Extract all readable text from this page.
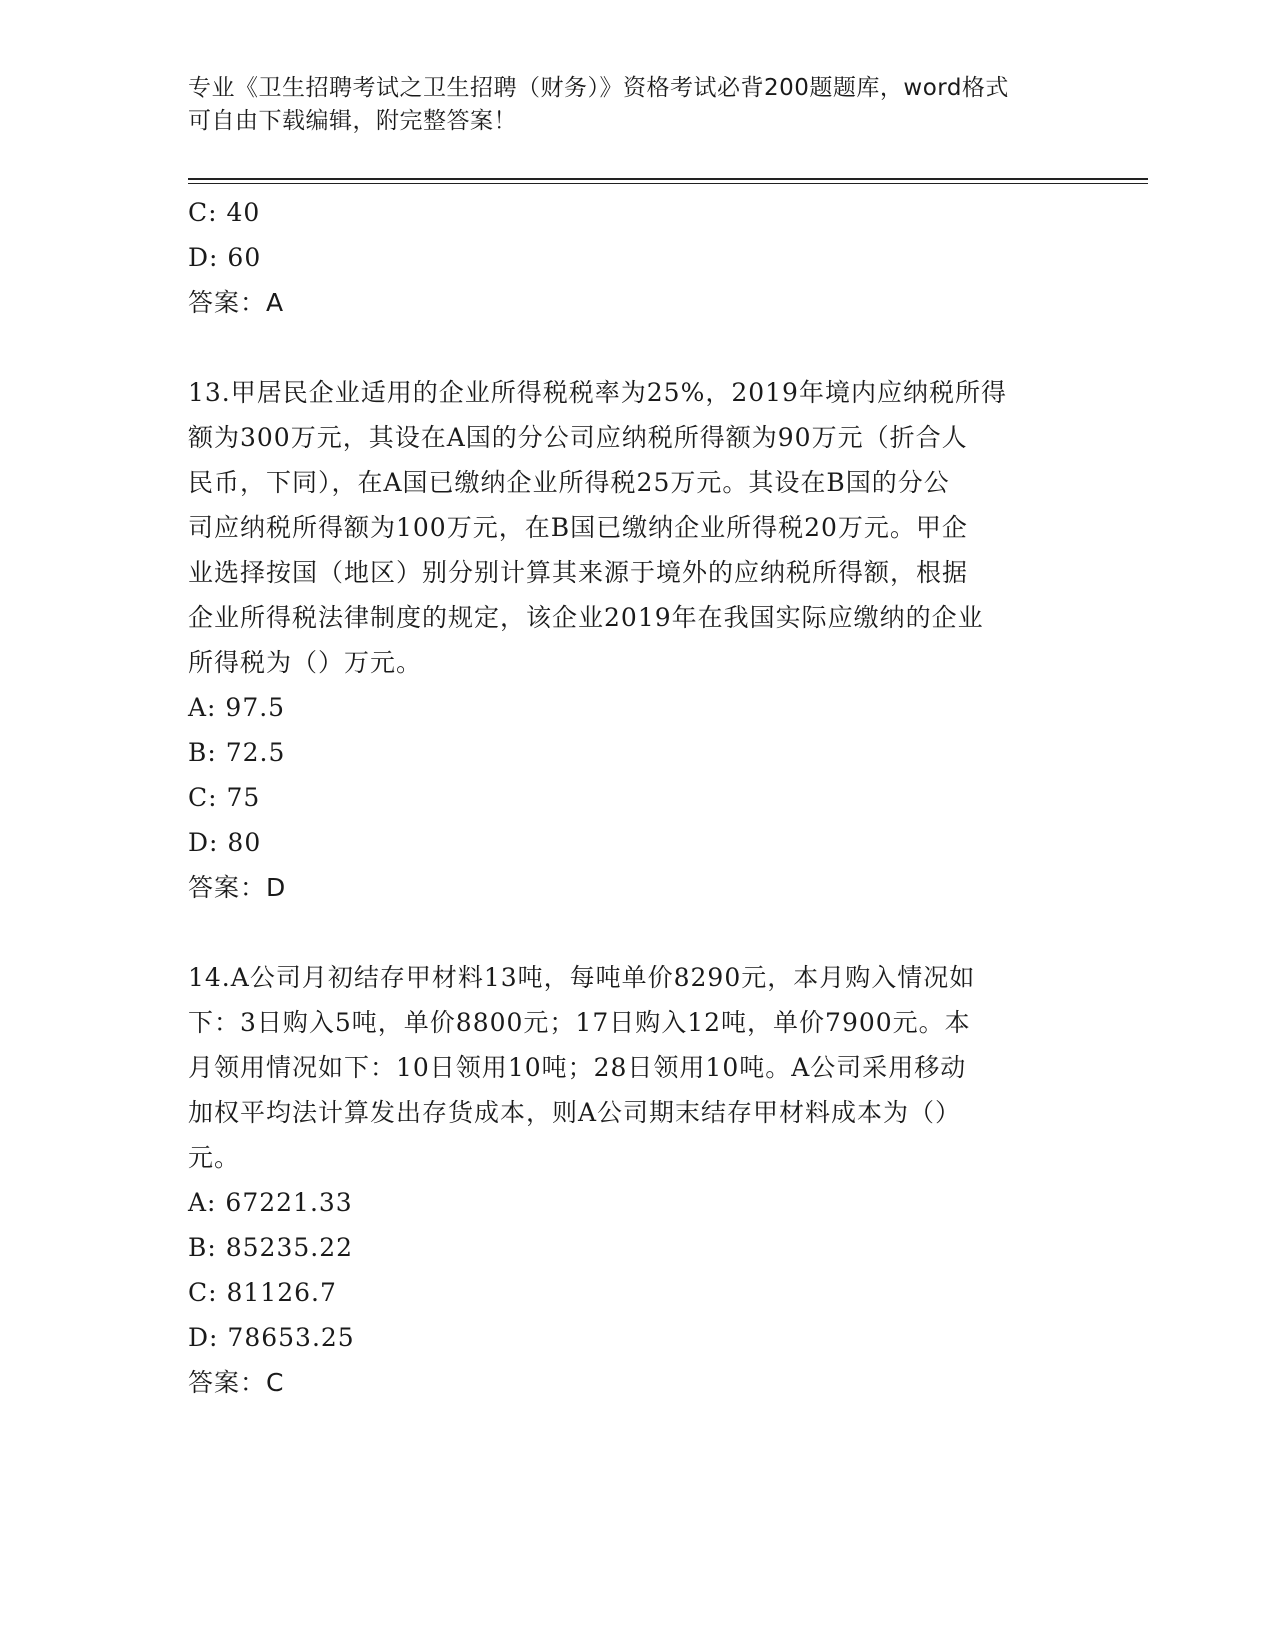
专业《卫生招聘考试之卫生招聘（财务）》资格考试必背200题题库，word格式
可自由下载编辑，附完整答案！
C: 40
D: 60
答案：A
13.甲居民企业适用的企业所得税税率为25%，2019年境内应纳税所得
额为300万元，其设在A国的分公司应纳税所得额为90万元（折合人
民币，下同），在A国已缴纳企业所得税25万元。其设在B国的分公
司应纳税所得额为100万元，在B国已缴纳企业所得税20万元。甲企
业选择按国（地区）别分别计算其来源于境外的应纳税所得额，根据
企业所得税法律制度的规定，该企业2019年在我国实际应缴纳的企业
所得税为（）万元。
A: 97.5
B: 72.5
C: 75
D: 80
答案：D
14.A公司月初结存甲材料13吨，每吨单价8290元，本月购入情况如
下：3日购入5吨，单价8800元；17日购入12吨，单价7900元。本
月领用情况如下：10日领用10吨；28日领用10吨。A公司采用移动
加权平均法计算发出存货成本，则A公司期末结存甲材料成本为（）
元。
A: 67221.33
B: 85235.22
C: 81126.7
D: 78653.25
答案：C
